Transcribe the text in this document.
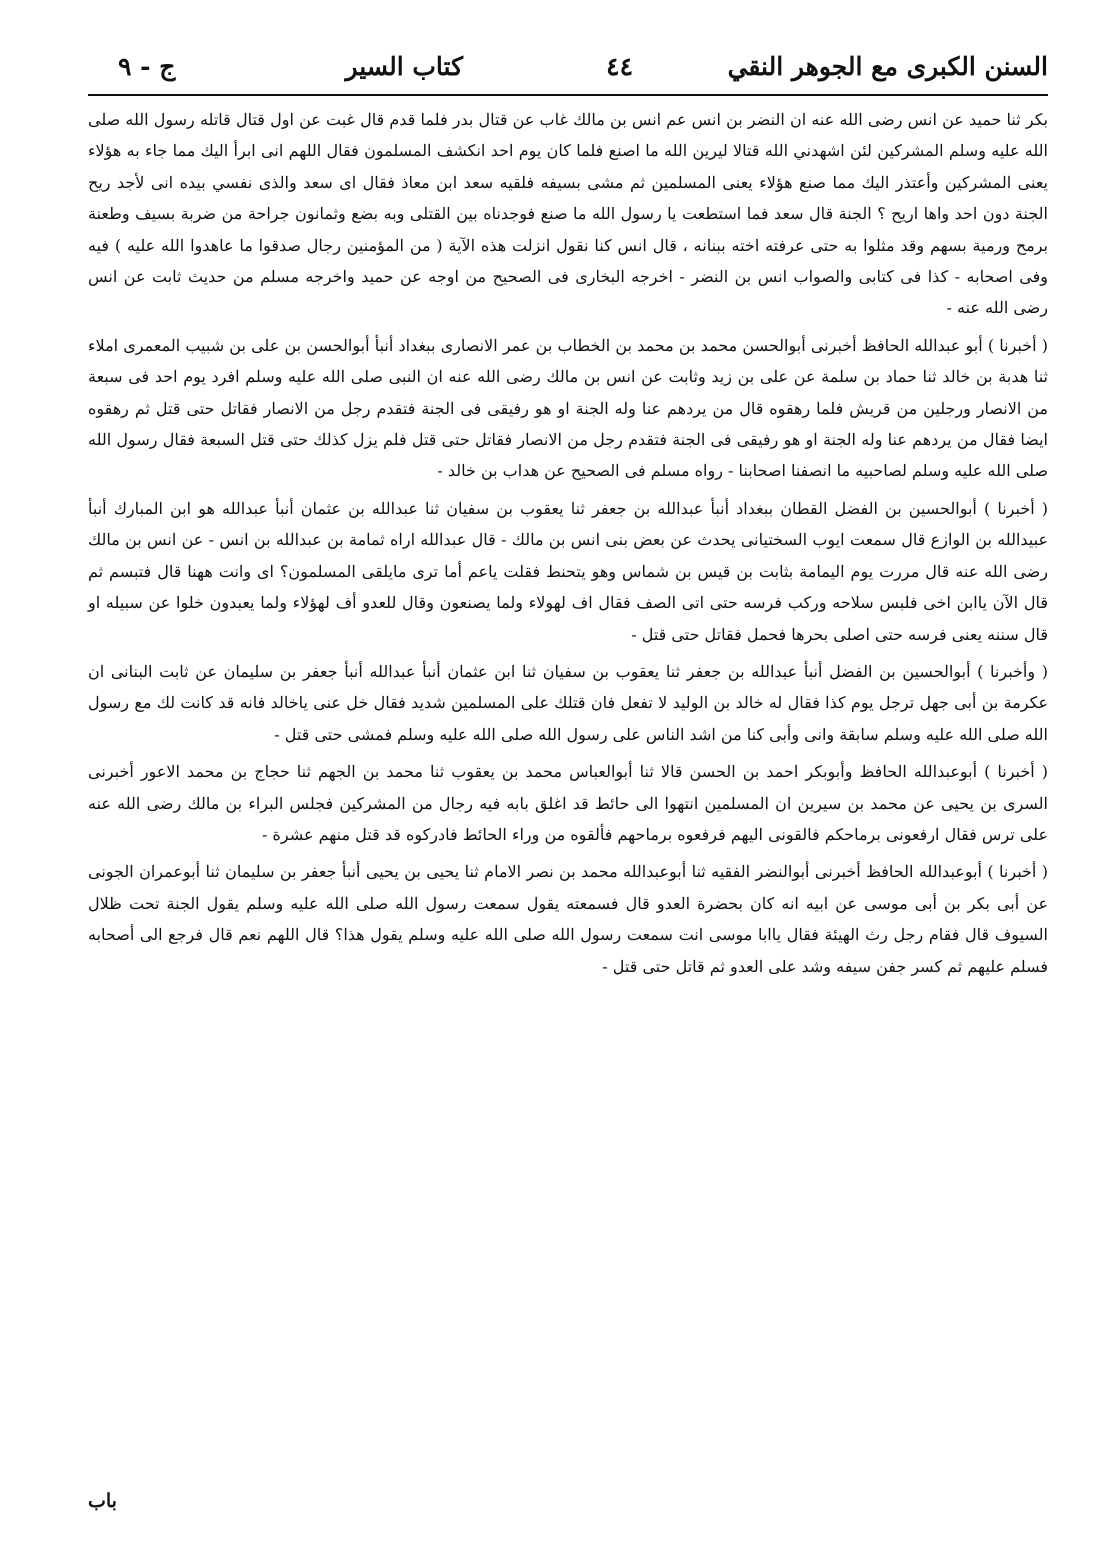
السنن الكبرى مع الجوهر النقي
٤٤
كتاب السير
ج - ٩

بكر ثنا حميد عن انس رضى الله عنه ان النضر بن انس عم انس بن مالك غاب عن قتال بدر فلما قدم قال غبت عن اول قتال قاتله رسول الله صلى الله عليه وسلم المشركين لئن اشهدني الله قتالا ليرين الله ما اصنع فلما كان يوم احد انكشف المسلمون فقال اللهم انى ابرأ اليك مما جاء به هؤلاء يعنى المشركين وأعتذر اليك مما صنع هؤلاء يعنى المسلمين ثم مشى بسيفه فلقيه سعد ابن معاذ فقال اى سعد والذى نفسي بيده انى لأجد ريح الجنة دون احد واها اريح ؟ الجنة قال سعد فما استطعت يا رسول الله ما صنع فوجدناه بين القتلى وبه بضع وثمانون جراحة من ضربة بسيف وطعنة برمح ورمية بسهم وقد مثلوا به حتى عرفته اخته ببنانه ، قال انس كنا نقول انزلت هذه الآية ( من المؤمنين رجال صدقوا ما عاهدوا الله عليه ) فيه وفى اصحابه - كذا فى كتابى والصواب انس بن النضر - اخرجه البخارى فى الصحيح من اوجه عن حميد واخرجه مسلم من حديث ثابت عن انس رضى الله عنه -

( أخبرنا ) أبو عبدالله الحافظ أخبرنى أبوالحسن محمد بن محمد بن الخطاب بن عمر الانصارى ببغداد أنبأ أبوالحسن بن على بن شبيب المعمرى املاء ثنا هدبة بن خالد ثنا حماد بن سلمة عن على بن زيد وثابت عن انس بن مالك رضى الله عنه ان النبى صلى الله عليه وسلم افرد يوم احد فى سبعة من الانصار ورجلين من قريش فلما رهقوه قال من يردهم عنا وله الجنة او هو رفيقى فى الجنة فتقدم رجل من الانصار فقاتل حتى قتل ثم رهقوه ايضا فقال من يردهم عنا وله الجنة او هو رفيقى فى الجنة فتقدم رجل من الانصار فقاتل حتى قتل فلم يزل كذلك حتى قتل السبعة فقال رسول الله صلى الله عليه وسلم لصاحبيه ما انصفنا اصحابنا - رواه مسلم فى الصحيح عن هداب بن خالد -

( أخبرنا ) أبوالحسين بن الفضل القطان ببغداد أنبأ عبدالله بن جعفر ثنا يعقوب بن سفيان ثنا عبدالله بن عثمان أنبأ عبدالله هو ابن المبارك أنبأ عبيدالله بن الوازع قال سمعت ايوب السختيانى يحدث عن بعض بنى انس بن مالك - قال عبدالله اراه ثمامة بن عبدالله بن انس - عن انس بن مالك رضى الله عنه قال مررت يوم اليمامة بثابت بن قيس بن شماس وهو يتحنط فقلت ياعم أما ترى مايلقى المسلمون؟ اى وانت ههنا قال فتبسم ثم قال الآن ياابن اخى فلبس سلاحه وركب فرسه حتى اتى الصف فقال اف لهولاء ولما يصنعون وقال للعدو أف لهؤلاء ولما يعبدون خلوا عن سبيله او قال سننه يعنى فرسه حتى اصلى بحرها فحمل فقاتل حتى قتل -

( وأخبرنا ) أبوالحسين بن الفضل أنبأ عبدالله بن جعفر ثنا يعقوب بن سفيان ثنا ابن عثمان أنبأ عبدالله أنبأ جعفر بن سليمان عن ثابت البنانى ان عكرمة بن أبى جهل ترجل يوم كذا فقال له خالد بن الوليد لا تفعل فان قتلك على المسلمين شديد فقال خل عنى ياخالد فانه قد كانت لك مع رسول الله صلى الله عليه وسلم سابقة وانى وأبى كنا من اشد الناس على رسول الله صلى الله عليه وسلم فمشى حتى قتل -

( أخبرنا ) أبوعبدالله الحافظ وأبوبكر احمد بن الحسن قالا ثنا أبوالعباس محمد بن يعقوب ثنا محمد بن الجهم ثنا حجاج بن محمد الاعور أخبرنى السرى بن يحيى عن محمد بن سيرين ان المسلمين انتهوا الى حائط قد اغلق بابه فيه رجال من المشركين فجلس البراء بن مالك رضى الله عنه على ترس فقال ارفعونى برماحكم فالقونى اليهم فرفعوه برماحهم فألقوه من وراء الحائط فادركوه قد قتل منهم عشرة -

( أخبرنا ) أبوعبدالله الحافظ أخبرنى أبوالنضر الفقيه ثنا أبوعبدالله محمد بن نصر الامام ثنا يحيى بن يحيى أنبأ جعفر بن سليمان ثنا أبوعمران الجونى عن أبى بكر بن أبى موسى عن ابيه انه كان بحضرة العدو قال فسمعته يقول سمعت رسول الله صلى الله عليه وسلم يقول الجنة تحت ظلال السيوف قال فقام رجل رث الهيئة فقال ياابا موسى انت سمعت رسول الله صلى الله عليه وسلم يقول هذا؟ قال اللهم نعم قال فرجع الى أصحابه فسلم عليهم ثم كسر جفن سيفه وشد على العدو ثم قاتل حتى قتل -

باب
